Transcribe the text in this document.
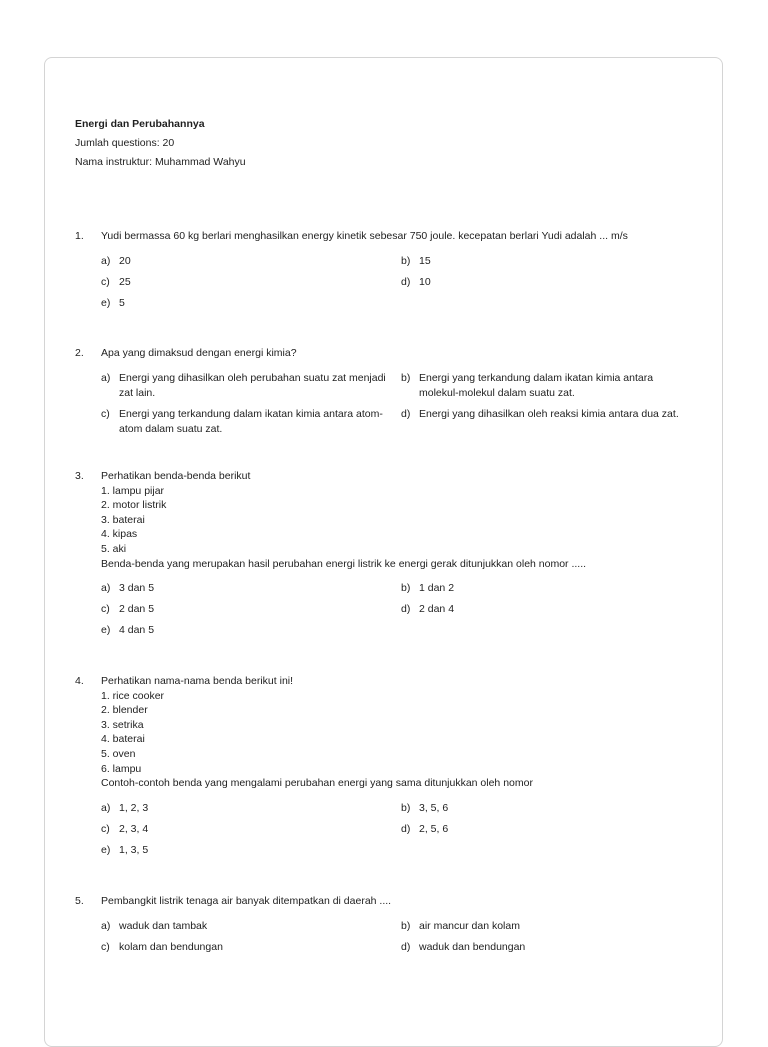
Energi dan Perubahannya
Jumlah questions: 20
Nama instruktur: Muhammad Wahyu
1.	Yudi bermassa 60 kg berlari menghasilkan energy kinetik sebesar 750 joule. kecepatan berlari Yudi adalah ... m/s
a) 20	b) 15
c) 25	d) 10
e) 5
2.	Apa yang dimaksud dengan energi kimia?
a) Energi yang dihasilkan oleh perubahan suatu zat menjadi zat lain.
b) Energi yang terkandung dalam ikatan kimia antara molekul-molekul dalam suatu zat.
c) Energi yang terkandung dalam ikatan kimia antara atom-atom dalam suatu zat.
d) Energi yang dihasilkan oleh reaksi kimia antara dua zat.
3.	Perhatikan benda-benda berikut
1. lampu pijar
2. motor listrik
3. baterai
4. kipas
5. aki
Benda-benda yang merupakan hasil perubahan energi listrik ke energi gerak ditunjukkan oleh nomor .....
a) 3 dan 5	b) 1 dan 2
c) 2 dan 5	d) 2 dan 4
e) 4 dan 5
4.	Perhatikan nama-nama benda berikut ini!
1. rice cooker
2. blender
3. setrika
4. baterai
5. oven
6. lampu
Contoh-contoh benda yang mengalami perubahan energi yang sama ditunjukkan oleh nomor
a) 1, 2, 3	b) 3, 5, 6
c) 2, 3, 4	d) 2, 5, 6
e) 1, 3, 5
5.	Pembangkit listrik tenaga air banyak ditempatkan di daerah ....
a) waduk dan tambak	b) air mancur dan kolam
c) kolam dan bendungan	d) waduk dan bendungan
